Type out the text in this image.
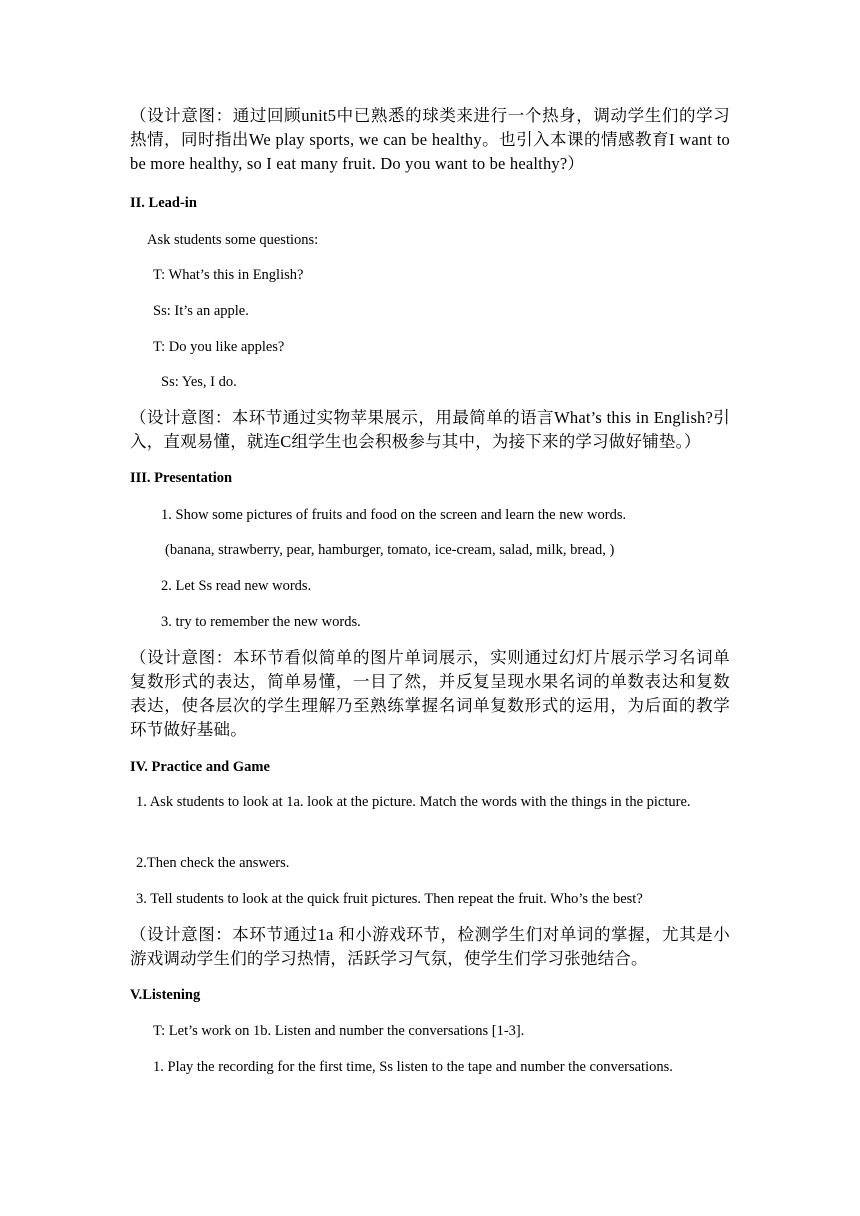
（设计意图：通过回顾unit5中已熟悉的球类来进行一个热身，调动学生们的学习热情，同时指出We play sports, we can be healthy。也引入本课的情感教育I want to be more healthy, so I eat many fruit. Do you want to be healthy?）
II. Lead-in
Ask students some questions:
T: What’s this in English?
Ss: It’s an apple.
T: Do you like apples?
Ss: Yes, I do.
（设计意图：本环节通过实物苹果展示，用最简单的语言What’s this in English?引入，直观易懂，就连C组学生也会积极参与其中，为接下来的学习做好铺垫。）
III. Presentation
1. Show some pictures of fruits and food on the screen and learn the new words.
(banana, strawberry, pear, hamburger, tomato, ice-cream, salad, milk, bread, )
2. Let Ss read new words.
3. try to remember the new words.
（设计意图：本环节看似简单的图片单词展示，实则通过幻灯片展示学习名词单复数形式的表达，简单易懂，一目了然，并反复呈现水果名词的单数表达和复数表达，使各层次的学生理解乃至熟练掌握名词单复数形式的运用，为后面的教学环节做好基础。
IV. Practice and Game
1. Ask students to look at 1a. look at the picture. Match the words with the things in the picture.
2.Then check the answers.
3. Tell students to look at the quick fruit pictures. Then repeat the fruit. Who’s the best?
（设计意图：本环节通过1a 和小游戏环节，检测学生们对单词的掌握，尤其是小游戏调动学生们的学习热情，活跃学习气氛，使学生们学习张弛结合。
V.Listening
T: Let’s work on 1b. Listen and number the conversations [1-3].
1. Play the recording for the first time, Ss listen to the tape and number the conversations.
